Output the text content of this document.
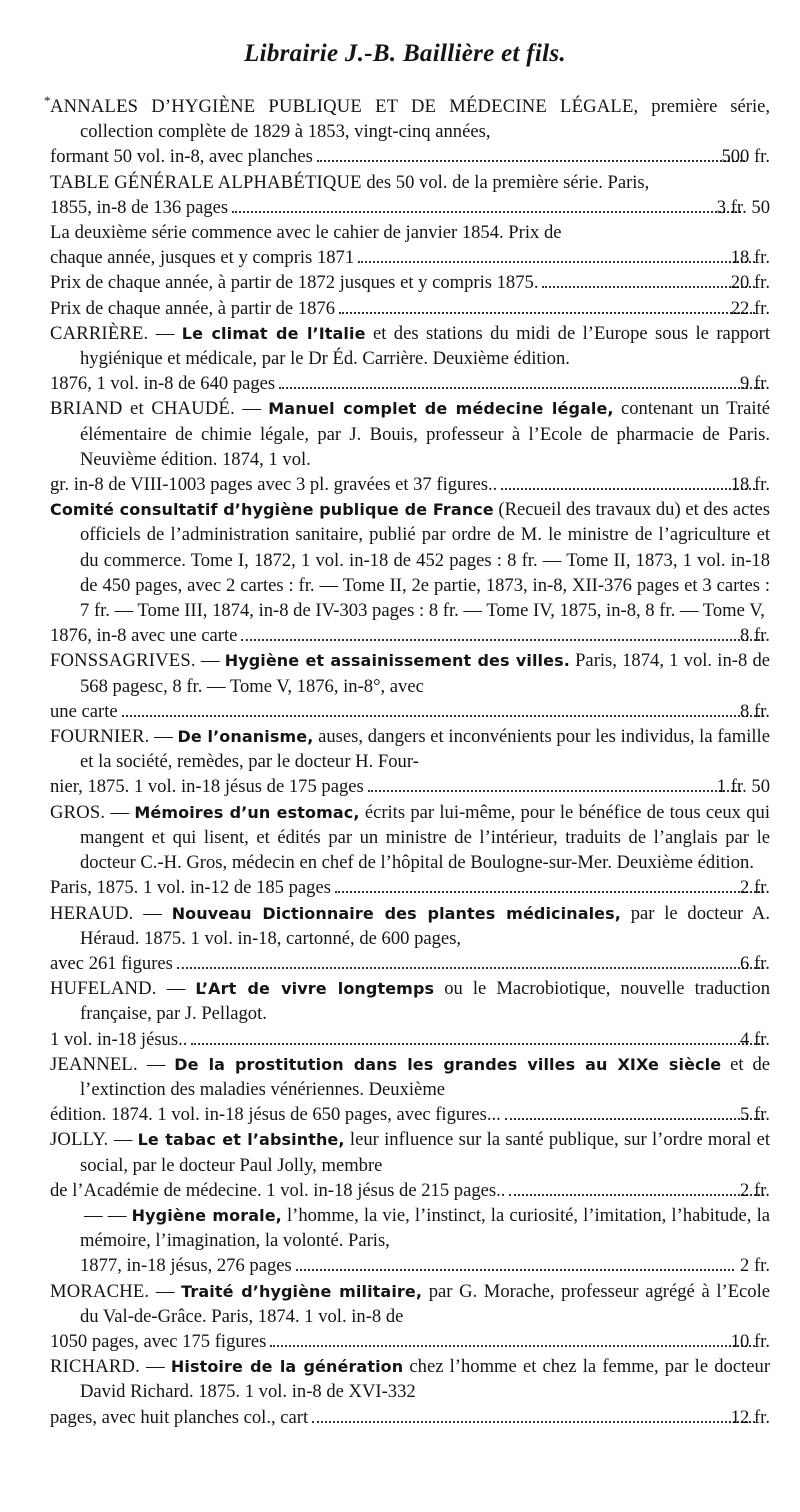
Librairie J.-B. Baillière et fils.
* ANNALES D’HYGIÈNE PUBLIQUE ET DE MÉDECINE LÉGALE, première série, collection complète de 1829 à 1853, vingt-cinq années,
formant 50 vol. in-8, avec planches	500 fr.
TABLE GÉNÉRALE ALPHABÉTIQUE des 50 vol. de la première série. Paris,
1855, in-8 de 136 pages	3 fr. 50
La deuxième série commence avec le cahier de janvier 1854. Prix de
chaque année, jusques et y compris 1871	18 fr.
Prix de chaque année, à partir de 1872 jusques et y compris 1875.	20 fr.
Prix de chaque année, à partir de 1876	22 fr.
CARRIÈRE. — Le climat de l’Italie et des stations du midi de l’Europe sous le rapport hygiénique et médicale, par le Dr Éd. Carrière. Deuxième édition.
1876, 1 vol. in-8 de 640 pages	9 fr.
BRIAND et CHAUDÉ. — Manuel complet de médecine légale, contenant un Traité élémentaire de chimie légale, par J. Bouis, professeur à l’Ecole de pharmacie de Paris. Neuvième édition. 1874, 1 vol.
gr. in-8 de VIII-1003 pages avec 3 pl. gravées et 37 figures..	18 fr.
Comité consultatif d’hygiène publique de France (Recueil des travaux du) et des actes officiels de l’administration sanitaire, publié par ordre de M. le ministre de l’agriculture et du commerce. Tome I, 1872, 1 vol. in-18 de 452 pages : 8 fr. — Tome II, 1873, 1 vol. in-18 de 450 pages, avec 2 cartes : fr. — Tome II, 2e partie, 1873, in-8, XII-376 pages et 3 cartes : 7 fr. — Tome III, 1874, in-8 de IV-303 pages : 8 fr. — Tome IV, 1875, in-8, 8 fr. — Tome V,
1876, in-8 avec une carte	8 fr.
FONSSAGRIVES. — Hygiène et assainissement des villes. Paris, 1874, 1 vol. in-8 de 568 pagesc, 8 fr. — Tome V, 1876, in-8°, avec
une carte	8 fr.
FOURNIER. — De l’onanisme, auses, dangers et inconvénients pour les individus, la famille et la société, remèdes, par le docteur H. Four-
nier, 1875. 1 vol. in-18 jésus de 175 pages	1 fr. 50
GROS. — Mémoires d’un estomac, écrits par lui-même, pour le bénéfice de tous ceux qui mangent et qui lisent, et édités par un ministre de l’intérieur, traduits de l’anglais par le docteur C.-H. Gros, médecin en chef de l’hôpital de Boulogne-sur-Mer. Deuxième édition.
Paris, 1875. 1 vol. in-12 de 185 pages	2 fr.
HERAUD. — Nouveau Dictionnaire des plantes médicinales, par le docteur A. Héraud. 1875. 1 vol. in-18, cartonné, de 600 pages,
avec 261 figures	6 fr.
HUFELAND. — L’Art de vivre longtemps ou le Macrobiotique, nouvelle traduction française, par J. Pellagot.
1 vol. in-18 jésus..	4 fr.
JEANNEL. — De la prostitution dans les grandes villes au XIXe siècle et de l’extinction des maladies vénériennes. Deuxième
édition. 1874. 1 vol. in-18 jésus de 650 pages, avec figures...	5 fr.
JOLLY. — Le tabac et l’absinthe, leur influence sur la santé publique, sur l’ordre moral et social, par le docteur Paul Jolly, membre
de l’Académie de médecine. 1 vol. in-18 jésus de 215 pages..	2 fr.
— — Hygiène morale, l’homme, la vie, l’instinct, la curiosité, l’imitation, l’habitude, la mémoire, l’imagination, la volonté. Paris,
1877, in-18 jésus, 276 pages	2 fr.
MORACHE. — Traité d’hygiène militaire, par G. Morache, professeur agrégé à l’Ecole du Val-de-Grâce. Paris, 1874. 1 vol. in-8 de
1050 pages, avec 175 figures	10 fr.
RICHARD. — Histoire de la génération chez l’homme et chez la femme, par le docteur David Richard. 1875. 1 vol. in-8 de XVI-332
pages, avec huit planches col., cart	12 fr.
